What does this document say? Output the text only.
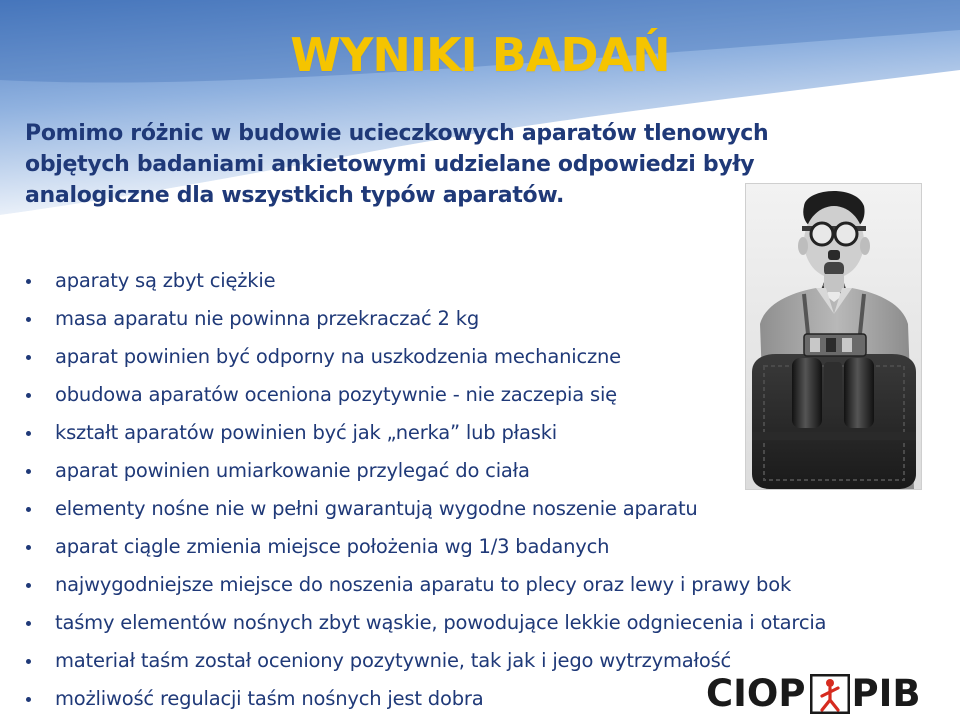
WYNIKI BADAŃ
Pomimo różnic w budowie ucieczkowych aparatów tlenowych objętych badaniami ankietowymi udzielane odpowiedzi były analogiczne dla wszystkich typów aparatów.
aparaty są zbyt ciężkie
masa aparatu nie powinna przekraczać 2 kg
aparat powinien być odporny na uszkodzenia mechaniczne
obudowa aparatów oceniona pozytywnie - nie zaczepia się
kształt aparatów powinien być jak „nerka” lub płaski
aparat powinien umiarkowanie przylegać do ciała
elementy nośne nie w pełni gwarantują wygodne noszenie aparatu
aparat ciągle zmienia miejsce położenia wg 1/3 badanych
najwygodniejsze miejsce do noszenia aparatu to plecy oraz lewy i prawy bok
taśmy elementów nośnych zbyt wąskie, powodujące lekkie odgniecenia i otarcia
materiał taśm został oceniony pozytywnie, tak jak i jego wytrzymałość
możliwość regulacji taśm nośnych jest dobra	CIOP PIB
